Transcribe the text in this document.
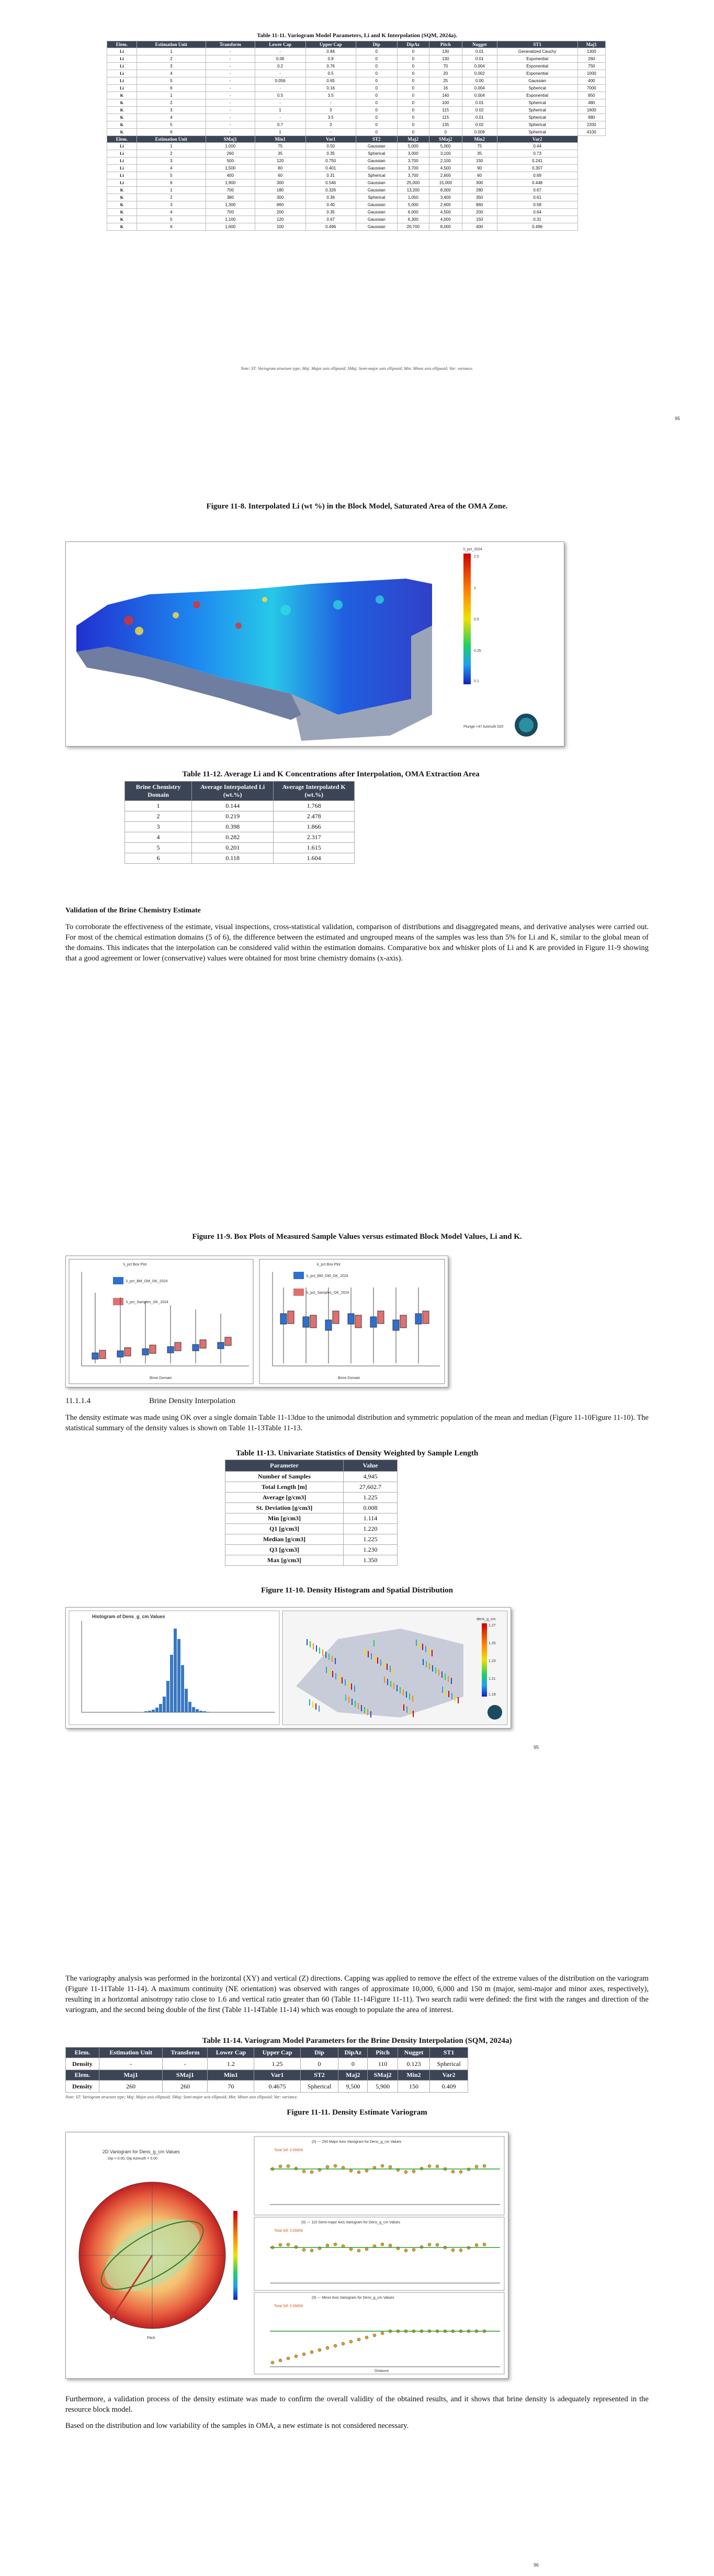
Table 11-11. Variogram Model Parameters, Li and K Interpolation (SQM, 2024a).
Elem.	Estimation Unit	Transform	Lower Cap	Upper Cap	Dip	DipAz	Pitch	Nugget	ST1	Maj1
Li	1	-	-	0.84	0	0	130	0.01	Generalized Cauchy	1300
Li	2	-	0.06	0.9	0	0	130	0.01	Exponential	260
Li	3	-	0.2	0.76	0	0	70	0.004	Exponential	750
Li	4	-	-	0.5	0	0	20	0.002	Exponential	1000
Li	5	-	0.056	0.65	0	0	25	0.00	Gaussian	400
Li	6	-	-	0.16	0	0	16	0.004	Spherical	7000
K	1	-	0.5	3.5	0	0	140	0.004	Exponential	850
K	2	-	-	-	0	0	100	0.01	Spherical	480
K	3	-	1	3	0	0	115	0.02	Spherical	1600
K	4	-	-	3.5	0	0	115	0.01	Spherical	980
K	5	-	0.7	3	0	0	135	0.02	Spherical	2200
K	6	-	1	-	0	0	0	0.008	Spherical	4100
Elem.	Estimation Unit	SMaj1	Min1	Var1	ST2	Maj2	SMaj2	Min2	Var2	
Li	1	1,000	75	0.50	Gaussian	5,000	5,000	75	0.44	
Li	2	260	35	0.35	Spherical	3,000	3,100	35	0.73	
Li	3	500	120	0.750	Gaussian	3,700	2,100	150	0.241	
Li	4	1,500	80	0.401	Gaussian	3,700	4,500	90	0.307	
Li	5	400	60	0.31	Spherical	3,700	2,600	60	0.69	
Li	6	1,900	300	0.546	Gaussian	25,000	15,000	300	0.448	
K	1	700	180	0.326	Gaussian	13,200	8,000	280	0.67	
K	2	380	300	0.36	Spherical	1,050	3,400	350	0.61	
K	3	1,300	860	0.40	Gaussian	5,000	2,600	860	0.58	
K	4	700	200	0.35	Gaussian	6,000	4,500	200	0.64	
K	5	1,100	120	0.67	Gaussian	6,300	4,000	150	0.31	
K	6	1,600	100	0.496	Gaussian	20,700	8,000	400	0.496	
Note: ST: Variogram structure type; Maj: Major axis ellipsoid; SMaj: Semi-major axis ellipsoid; Min: Minor axis ellipsoid; Var: variance.
95
Figure 11-8. Interpolated Li (wt %) in the Block Model, Saturated Area of the OMA Zone.
li_pct_2024
2.5
1
0.5
0.25
0.1
Plunge +47 Azimuth 020
Table 11-12. Average Li and K Concentrations after Interpolation, OMA Extraction Area
Brine Chemistry Domain	Average Interpolated Li (wt.%)	Average Interpolated K (wt.%)
1	0.144	1.768
2	0.219	2.478
3	0.398	1.866
4	0.282	2.317
5	0.201	1.615
6	0.118	1.604
Validation of the Brine Chemistry Estimate
To corroborate the effectiveness of the estimate, visual inspections, cross-statistical validation, comparison of distributions and disaggregated means, and derivative analyses were carried out. For most of the chemical estimation domains (5 of 6), the difference between the estimated and ungrouped means of the samples was less than 5% for Li and K, similar to the global mean of the domains. This indicates that the interpolation can be considered valid within the estimation domains. Comparative box and whisker plots of Li and K are provided in Figure 11-9 showing that a good agreement or lower (conservative) values were obtained for most brine chemistry domains (x-axis).
Figure 11-9. Box Plots of Measured Sample Values versus estimated Block Model Values, Li and K.
li_pct Box Plot	k_pct Box Plot
li_pct_BM_OM_OK_2024
li_pct_Samples_OK_2024
k_pct_BM_OM_OK_2024
k_pct_Samples_OK_2024
Brine Domain	Brine Domain
11.1.1.4	Brine Density Interpolation
The density estimate was made using OK over a single domain Table 11-13due to the unimodal distribution and symmetric population of the mean and median (Figure 11-10Figure 11-10). The statistical summary of the density values is shown on Table 11-13Table 11-13.
Table 11-13. Univariate Statistics of Density Weighted by Sample Length
Parameter	Value
Number of Samples	4,945
Total Length [m]	27,602.7
Average [g/cm3]	1.225
St. Deviation [g/cm3]	0.008
Min [g/cm3]	1.114
Q1 [g/cm3]	1.220
Median [g/cm3]	1.225
Q3 [g/cm3]	1.230
Max [g/cm3]	1.350
Figure 11-10. Density Histogram and Spatial Distribution
Histogram of Dens_g_cm Values
dens_g_cm
1.27
1.25
1.23
1.21
1.19
95
The variography analysis was performed in the horizontal (XY) and vertical (Z) directions. Capping was applied to remove the effect of the extreme values of the distribution on the variogram (Figure 11-11Table 11-14). A maximum continuity (NE orientation) was observed with ranges of approximate 10,000, 6,000 and 150 m (major, semi-major and minor axes, respectively), resulting in a horizontal anisotropy ratio close to 1.6 and vertical ratio greater than 60 (Table 11-14Figure 11-11). Two search radii were defined: the first with the ranges and direction of the variogram, and the second being double of the first (Table 11-14Table 11-14) which was enough to populate the area of interest.
Table 11-14. Variogram Model Parameters for the Brine Density Interpolation (SQM, 2024a)
Elem.	Estimation Unit	Transform	Lower Cap	Upper Cap	Dip	DipAz	Pitch	Nugget	ST1
Density	-	-	1.2	1.25	0	0	110	0.123	Spherical
Elem.	Maj1	SMaj1	Min1	Var1	ST2	Maj2	SMaj2	Min2	Var2
Density	260	260	70	0.4675	Spherical	9,500	5,900	150	0.409
Note: ST: Variogram structure type; Maj: Major axis ellipsoid; SMaj: Semi-major axis ellipsoid; Min: Minor axis ellipsoid; Var: variance.
Figure 11-11. Density Estimate Variogram
2D Variogram for Dens_g_cm Values
Dip = 0.00, Dip Azimuth = 0.00
Pitch
(0) --- 250 Major Axis Variogram for Dens_g_cm Values
(0) --- 110 Semi-major Axis Variogram for Dens_g_cm Values
(0) --- Minor Axis Variogram for Dens_g_cm Values
Total Sill: 0.09856
Total Sill: 0.09856
Total Sill: 0.09856
Distance
Furthermore, a validation process of the density estimate was made to confirm the overall validity of the obtained results, and it shows that brine density is adequately represented in the resource block model.
Based on the distribution and low variability of the samples in OMA, a new estimate is not considered necessary.
96
